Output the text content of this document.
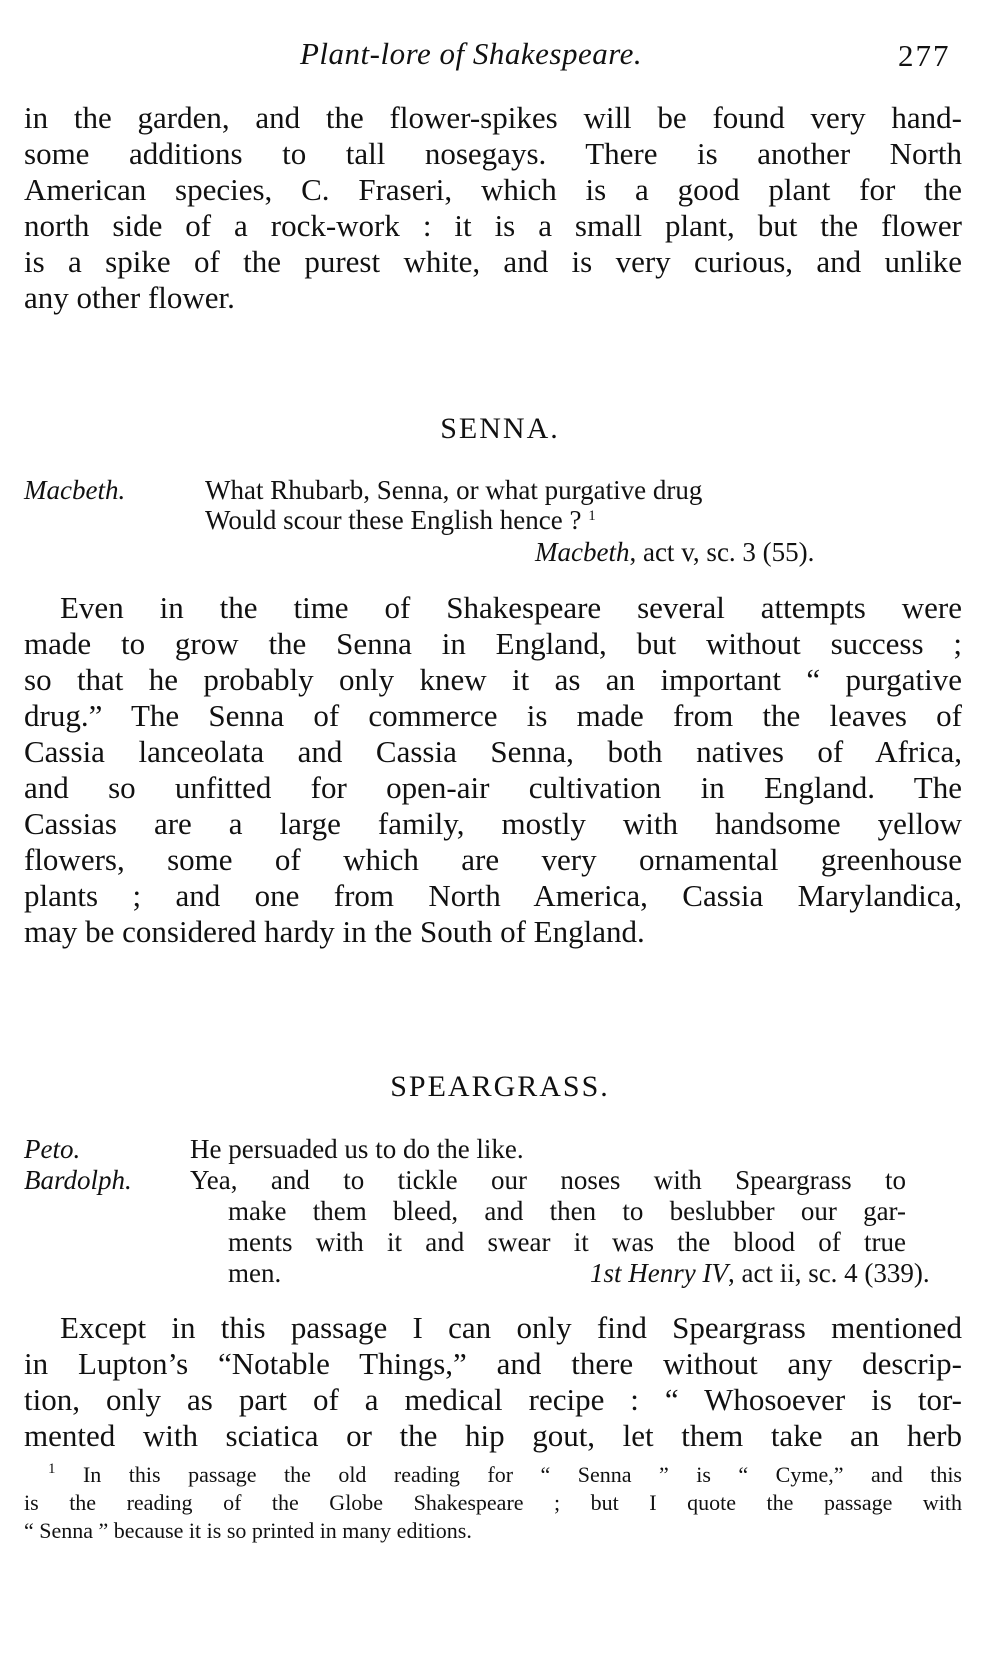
Plant-lore of Shakespeare.	277
in the garden, and the flower-spikes will be found very hand-
some additions to tall nosegays. There is another North
American species, C. Fraseri, which is a good plant for the
north side of a rock-work : it is a small plant, but the flower
is a spike of the purest white, and is very curious, and unlike
any other flower.
SENNA.
Macbeth.	What Rhubarb, Senna, or what purgative drug
Would scour these English hence ? $^1$
Macbeth, act v, sc. 3 (55).
Even in the time of Shakespeare several attempts were
made to grow the Senna in England, but without success ;
so that he probably only knew it as an important “ purgative
drug.” The Senna of commerce is made from the leaves of
Cassia lanceolata and Cassia Senna, both natives of Africa,
and so unfitted for open-air cultivation in England. The
Cassias are a large family, mostly with handsome yellow
flowers, some of which are very ornamental greenhouse
plants ; and one from North America, Cassia Marylandica,
may be considered hardy in the South of England.
SPEARGRASS.
Peto.	He persuaded us to do the like.
Bardolph. Yea, and to tickle our noses with Speargrass to
make them bleed, and then to beslubber our gar-
ments with it and swear it was the blood of true
men.	1st Henry IV, act ii, sc. 4 (339).
Except in this passage I can only find Speargrass mentioned
in Lupton’s “Notable Things,” and there without any descrip-
tion, only as part of a medical recipe : “ Whosoever is tor-
mented with sciatica or the hip gout, let them take an herb
$^1$ In this passage the old reading for “ Senna ” is “ Cyme,” and this
is the reading of the Globe Shakespeare ; but I quote the passage with
“ Senna ” because it is so printed in many editions.
